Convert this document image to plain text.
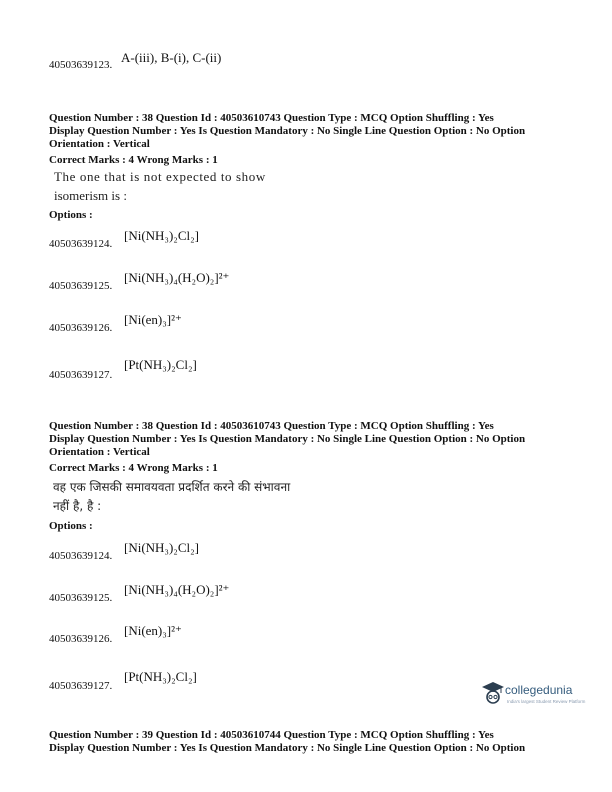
40503639123. A-(iii), B-(i), C-(ii)
Question Number : 38 Question Id : 40503610743 Question Type : MCQ Option Shuffling : Yes
Display Question Number : Yes Is Question Mandatory : No Single Line Question Option : No Option
Orientation : Vertical
Correct Marks : 4 Wrong Marks : 1
The one that is not expected to show
isomerism is :
Options :
40503639124.
[Ni(NH₃)₂Cl₂]
40503639125.
[Ni(NH₃)₄(H₂O)₂]²⁺
40503639126.
[Ni(en)₃]²⁺
40503639127.
[Pt(NH₃)₂Cl₂]
Question Number : 38 Question Id : 40503610743 Question Type : MCQ Option Shuffling : Yes
Display Question Number : Yes Is Question Mandatory : No Single Line Question Option : No Option
Orientation : Vertical
Correct Marks : 4 Wrong Marks : 1
वह एक जिसकी समावयवता प्रदर्शित करने की संभावना
नहीं है, है :
Options :
40503639124.
[Ni(NH₃)₂Cl₂]
40503639125.
[Ni(NH₃)₄(H₂O)₂]²⁺
40503639126.
[Ni(en)₃]²⁺
40503639127.
[Pt(NH₃)₂Cl₂]
collegedunia
India's largest Student Review Platform
Question Number : 39 Question Id : 40503610744 Question Type : MCQ Option Shuffling : Yes
Display Question Number : Yes Is Question Mandatory : No Single Line Question Option : No Option
